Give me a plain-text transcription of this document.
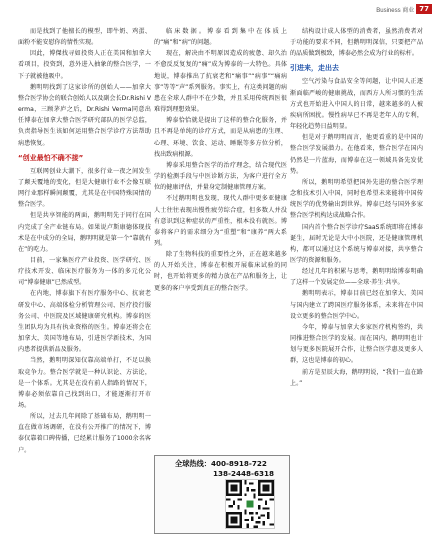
Business 商业 77

而是找到了他擅长的模型，即牛奶、鸡蛋、面粉不能安慰你的情性实现。

因此，博傑找寻如投资人正在美国和加拿大看项目，投资到，意外进入抽象的整合医学，一下子就被他吸中。

鹅明明找到了这家诊所的创始人——加拿大整合医学协会的联合创始人以及副会长Dr.Rishi Verma，三顾茅庐之后，Dr.Rishi Verma同意出任博泰在加拿大整合医学研究部队的医学总监，负责指导医生该如何运用整合医学诊疗方法帮助病患恢复。

“创业最怕不确不接”

互联网创业大潮下，很多行业一夜之间发生了颠天覆地的变化，但是大健康行业不会像互联网行业那样瞬间颠覆，尤其是在中国特殊国情的整合医学。

但是共享智能的两面，鹅明明先于同行在国内完成了全产业链布局。如果说卢斯康德体现技术是在中成分的全局，鹅明明就是第一个“靠就有在”的吃力。

目前，一家集医疗产业投资、医学研究、医疗技术开发、临床医疗服务为一体的多元化公司“博泰健康”已然成型。

在内地，博泰旗下有医疗服务中心、抗衰老研发中心、高端体检分析管理公司、医疗投行服务公司、中医院及区域健康研究机构。博泰的医生团队均为具有执业资格的医生。博泰还将会在加拿大、美国等地布局，引进医学新技术，为国内患者提供新品及服务。

当然，鹅明明深知仅靠高端单打，不足以换取竞争力。整合医学就是一种认识论、方法论，是一个体系。尤其是在没有前人指路的情况下，博泰必须依靠自己找到出口，才能逐渐打开市场。

所以，过去几年间除了基础布局，鹅明明一直在做市场调研，在没有公开推广的情况下，博泰仅靠着口碑传播，已经累计服务了1000余名客户。

临床数据。博泰看到集中在体质上的“痛”和“病”的问题。

现在，解决由不明原因造成的疲惫、却久治不愈反反复复的“痛”成为博泰的一大特色。具体地说，博泰推出了抗衰老和“痛事”“病事”“痛病事”等等“声”系列服务。事实上，有这类问题的病患在全球人群中不在少数，并且采用传统西医很难得到理想效果。

博泰恰恰就是提出了这样的整合化服务，并且不再是单纯的诊疗方式，而是从病患的生理、心理、环境、饮食、运动、睡眠等多方位分析，找出致病根源。

博泰采用整合医学的治疗理念，结合现代医学的检测手段与中医诊断方法，为客户进行全方位的健康评估，并量身定制健康管理方案。

不过鹅明明也发现，现代人群中更多亚健康人士往往表现出慢性疲劳综合症，但多数人并没有意识到这种症状的严重性，根本没有就医。博泰将客户的需求细分为“重塑”和“康养”两大系列。

除了生物科技的重要性之外，正在越来越多的人开始关注，博泰在积极开展临床试验的同时，也开始将更多的精力放在产品和服务上，让更多的客户享受到真正的整合医学。

结构设计成人体型的消费者，虽然消费者对于功能的要求不同，但鹅明明深信，只要把产品的品质做到极致，博泰必然会成为行业的标杆。

引进来，走出去

空气污染与食品安全等问题，让中国人正逐渐面临严峻的健康挑战，而西方人所习惯的生活方式也开始进入中国人的日常，越来越多的人被疾病所困扰。慢性病早已不再是老年人的专利，年轻化趋势日益明显。

但是对于鹅明明而言，他更看重的是中国的整合医学发展潜力。在他看来，整合医学在国内仍然是一片蓝海，而博泰在这一领域具备先发优势。

所以，鹅明明希望把国外先进的整合医学理念和技术引入中国，同时也希望未来能将中国传统医学的优势输出到世界。博泰已经与国外多家整合医学机构达成战略合作。

国内首个整合医学诊疗SaaS系统即将在博泰诞生，届时无论是大中小医院，还是健康管理机构，都可以通过这个系统与博泰对接，共享整合医学的资源和服务。

经过几年的积累与思考，鹅明明给博泰明确了这样一个发展定位——全球·养生·共享。

鹅明明表示，博泰目前已经在加拿大、美国与国内建立了跨国医疗服务体系，未来将在中国设立更多的整合医学中心。

今年，博泰与加拿大多家医疗机构签约，共同推进整合医学的发展。而在国内，鹅明明也计划与更多医院展开合作，让整合医学惠及更多人群，这也是博泰的初心。

前方是星辰大海，鹅明明说，“我们一直在路上。”

全球热线：400-8918-722
138-2448-6318
